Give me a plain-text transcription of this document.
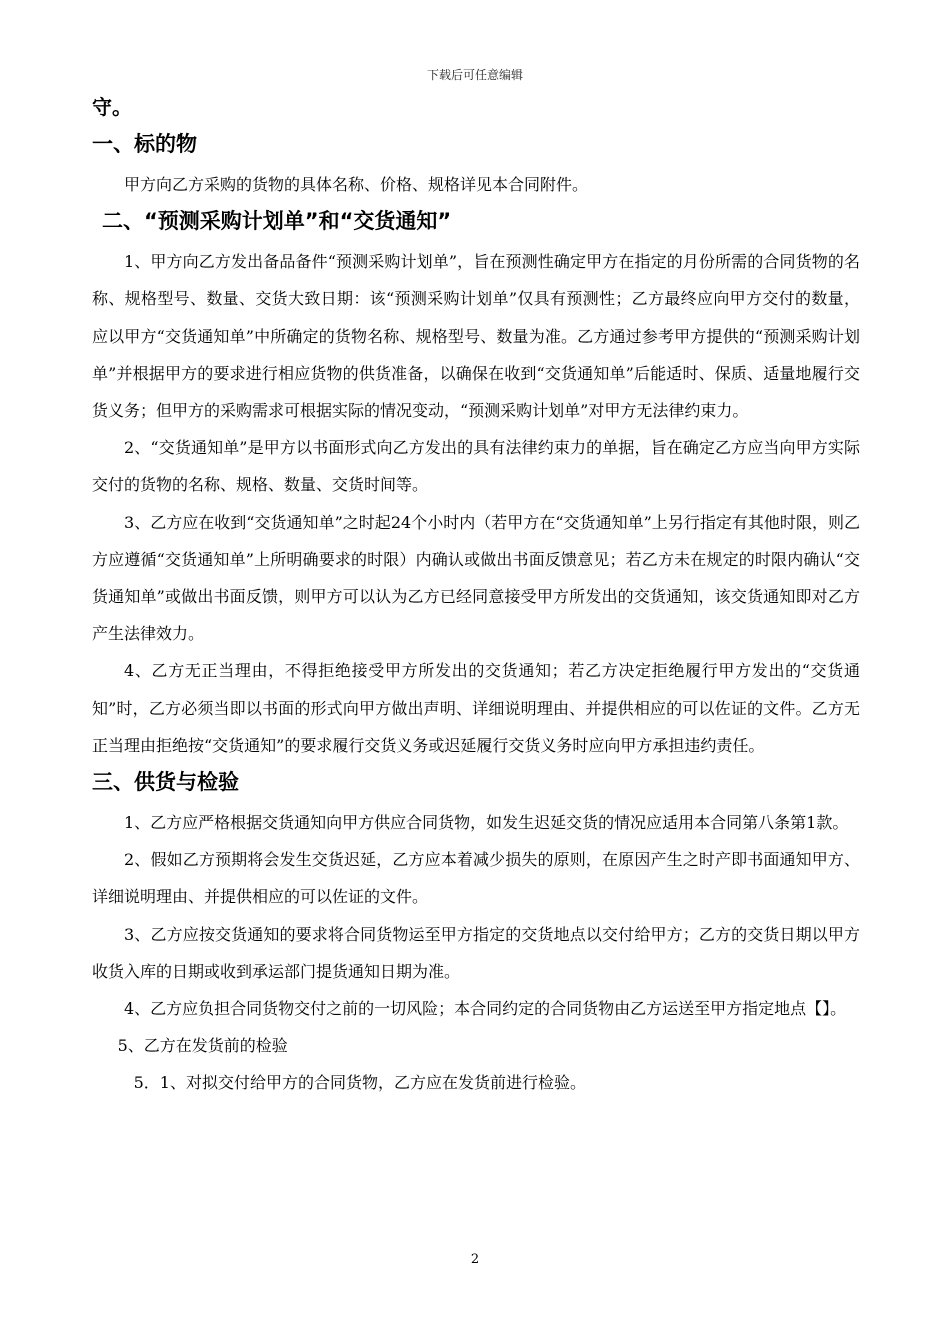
下载后可任意编辑
守。
一、标的物

甲方向乙方采购的货物的具体名称、价格、规格详见本合同附件。

二、“预测采购计划单”和“交货通知”

1、甲方向乙方发出备品备件“预测采购计划单”，旨在预测性确定甲方在指定的月份所需的合同货物的名称、规格型号、数量、交货大致日期：该“预测采购计划单”仅具有预测性；乙方最终应向甲方交付的数量，应以甲方“交货通知单”中所确定的货物名称、规格型号、数量为准。乙方通过参考甲方提供的“预测采购计划单”并根据甲方的要求进行相应货物的供货准备，以确保在收到“交货通知单”后能适时、保质、适量地履行交货义务；但甲方的采购需求可根据实际的情况变动，“预测采购计划单”对甲方无法律约束力。

2、“交货通知单”是甲方以书面形式向乙方发出的具有法律约束力的单据，旨在确定乙方应当向甲方实际交付的货物的名称、规格、数量、交货时间等。

3、乙方应在收到“交货通知单”之时起24个小时内（若甲方在“交货通知单”上另行指定有其他时限，则乙方应遵循“交货通知单”上所明确要求的时限）内确认或做出书面反馈意见；若乙方未在规定的时限内确认“交货通知单”或做出书面反馈，则甲方可以认为乙方已经同意接受甲方所发出的交货通知，该交货通知即对乙方产生法律效力。

4、乙方无正当理由，不得拒绝接受甲方所发出的交货通知；若乙方决定拒绝履行甲方发出的“交货通知”时，乙方必须当即以书面的形式向甲方做出声明、详细说明理由、并提供相应的可以佐证的文件。乙方无正当理由拒绝按“交货通知”的要求履行交货义务或迟延履行交货义务时应向甲方承担违约责任。

三、供货与检验

1、乙方应严格根据交货通知向甲方供应合同货物，如发生迟延交货的情况应适用本合同第八条第1款。

2、假如乙方预期将会发生交货迟延，乙方应本着减少损失的原则，在原因产生之时产即书面通知甲方、详细说明理由、并提供相应的可以佐证的文件。

3、乙方应按交货通知的要求将合同货物运至甲方指定的交货地点以交付给甲方；乙方的交货日期以甲方收货入库的日期或收到承运部门提货通知日期为准。

4、乙方应负担合同货物交付之前的一切风险；本合同约定的合同货物由乙方运送至甲方指定地点【】。

5、乙方在发货前的检验

5．1、对拟交付给甲方的合同货物，乙方应在发货前进行检验。

2
